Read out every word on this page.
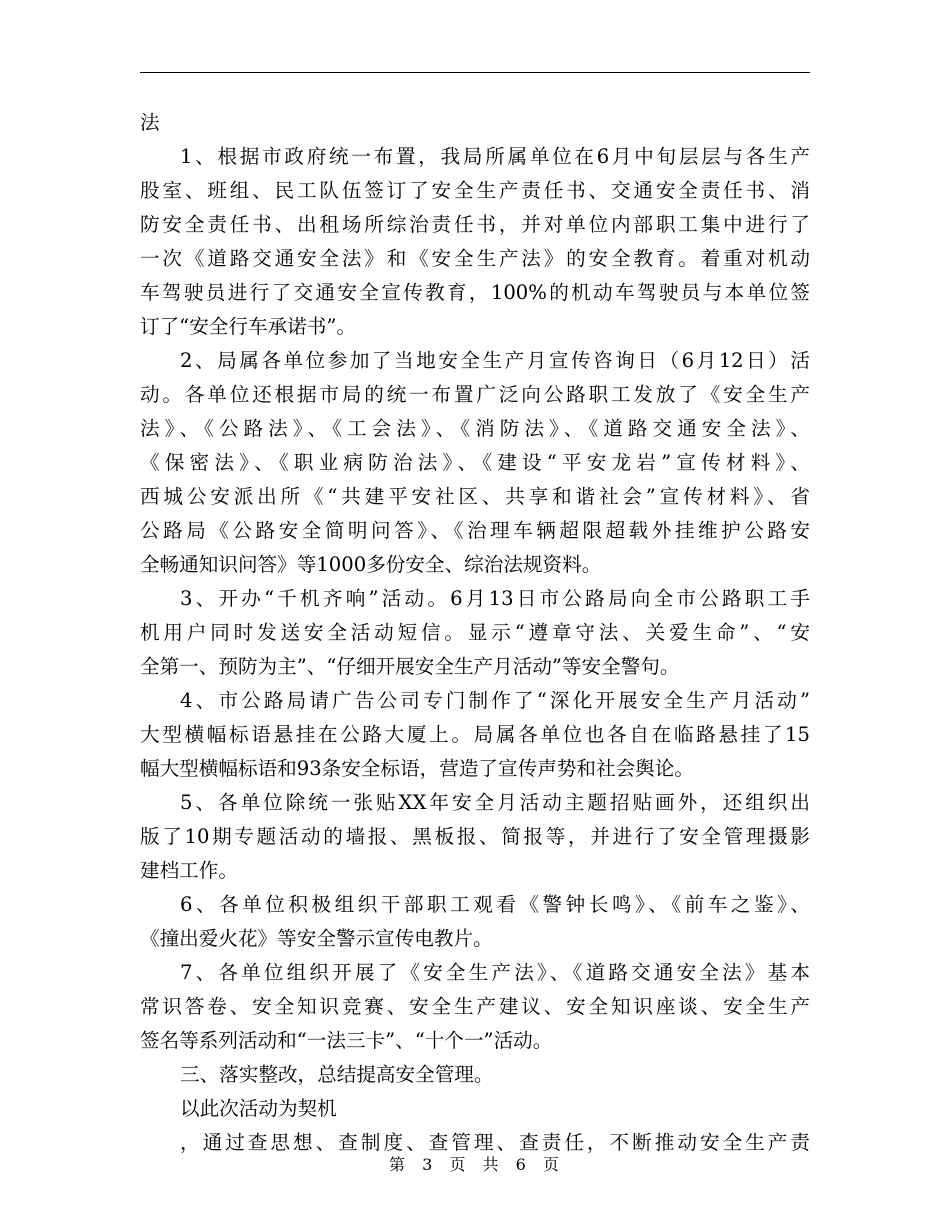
法
1、根据市政府统一布置，我局所属单位在6月中旬层层与各生产
股室、班组、民工队伍签订了安全生产责任书、交通安全责任书、消
防安全责任书、出租场所综治责任书，并对单位内部职工集中进行了
一次《道路交通安全法》和《安全生产法》的安全教育。着重对机动
车驾驶员进行了交通安全宣传教育，100%的机动车驾驶员与本单位签
订了“安全行车承诺书”。
2、局属各单位参加了当地安全生产月宣传咨询日（6月12日）活
动。各单位还根据市局的统一布置广泛向公路职工发放了《安全生产
法》、《公路法》、《工会法》、《消防法》、《道路交通安全法》、
《保密法》、《职业病防治法》、《建设“平安龙岩”宣传材料》、
西城公安派出所《“共建平安社区、共享和谐社会”宣传材料》、省
公路局《公路安全简明问答》、《治理车辆超限超载外挂维护公路安
全畅通知识问答》等1000多份安全、综治法规资料。
3、开办“千机齐响”活动。6月13日市公路局向全市公路职工手
机用户同时发送安全活动短信。显示“遵章守法、关爱生命”、“安
全第一、预防为主”、“仔细开展安全生产月活动”等安全警句。
4、市公路局请广告公司专门制作了“深化开展安全生产月活动”
大型横幅标语悬挂在公路大厦上。局属各单位也各自在临路悬挂了15
幅大型横幅标语和93条安全标语，营造了宣传声势和社会舆论。
5、各单位除统一张贴XX年安全月活动主题招贴画外，还组织出
版了10期专题活动的墙报、黑板报、简报等，并进行了安全管理摄影
建档工作。
6、各单位积极组织干部职工观看《警钟长鸣》、《前车之鉴》、
《撞出爱火花》等安全警示宣传电教片。
7、各单位组织开展了《安全生产法》、《道路交通安全法》基本
常识答卷、安全知识竞赛、安全生产建议、安全知识座谈、安全生产
签名等系列活动和“一法三卡”、“十个一”活动。
三、落实整改，总结提高安全管理。
以此次活动为契机
，通过查思想、查制度、查管理、查责任，不断推动安全生产责
第 3 页 共 6 页
